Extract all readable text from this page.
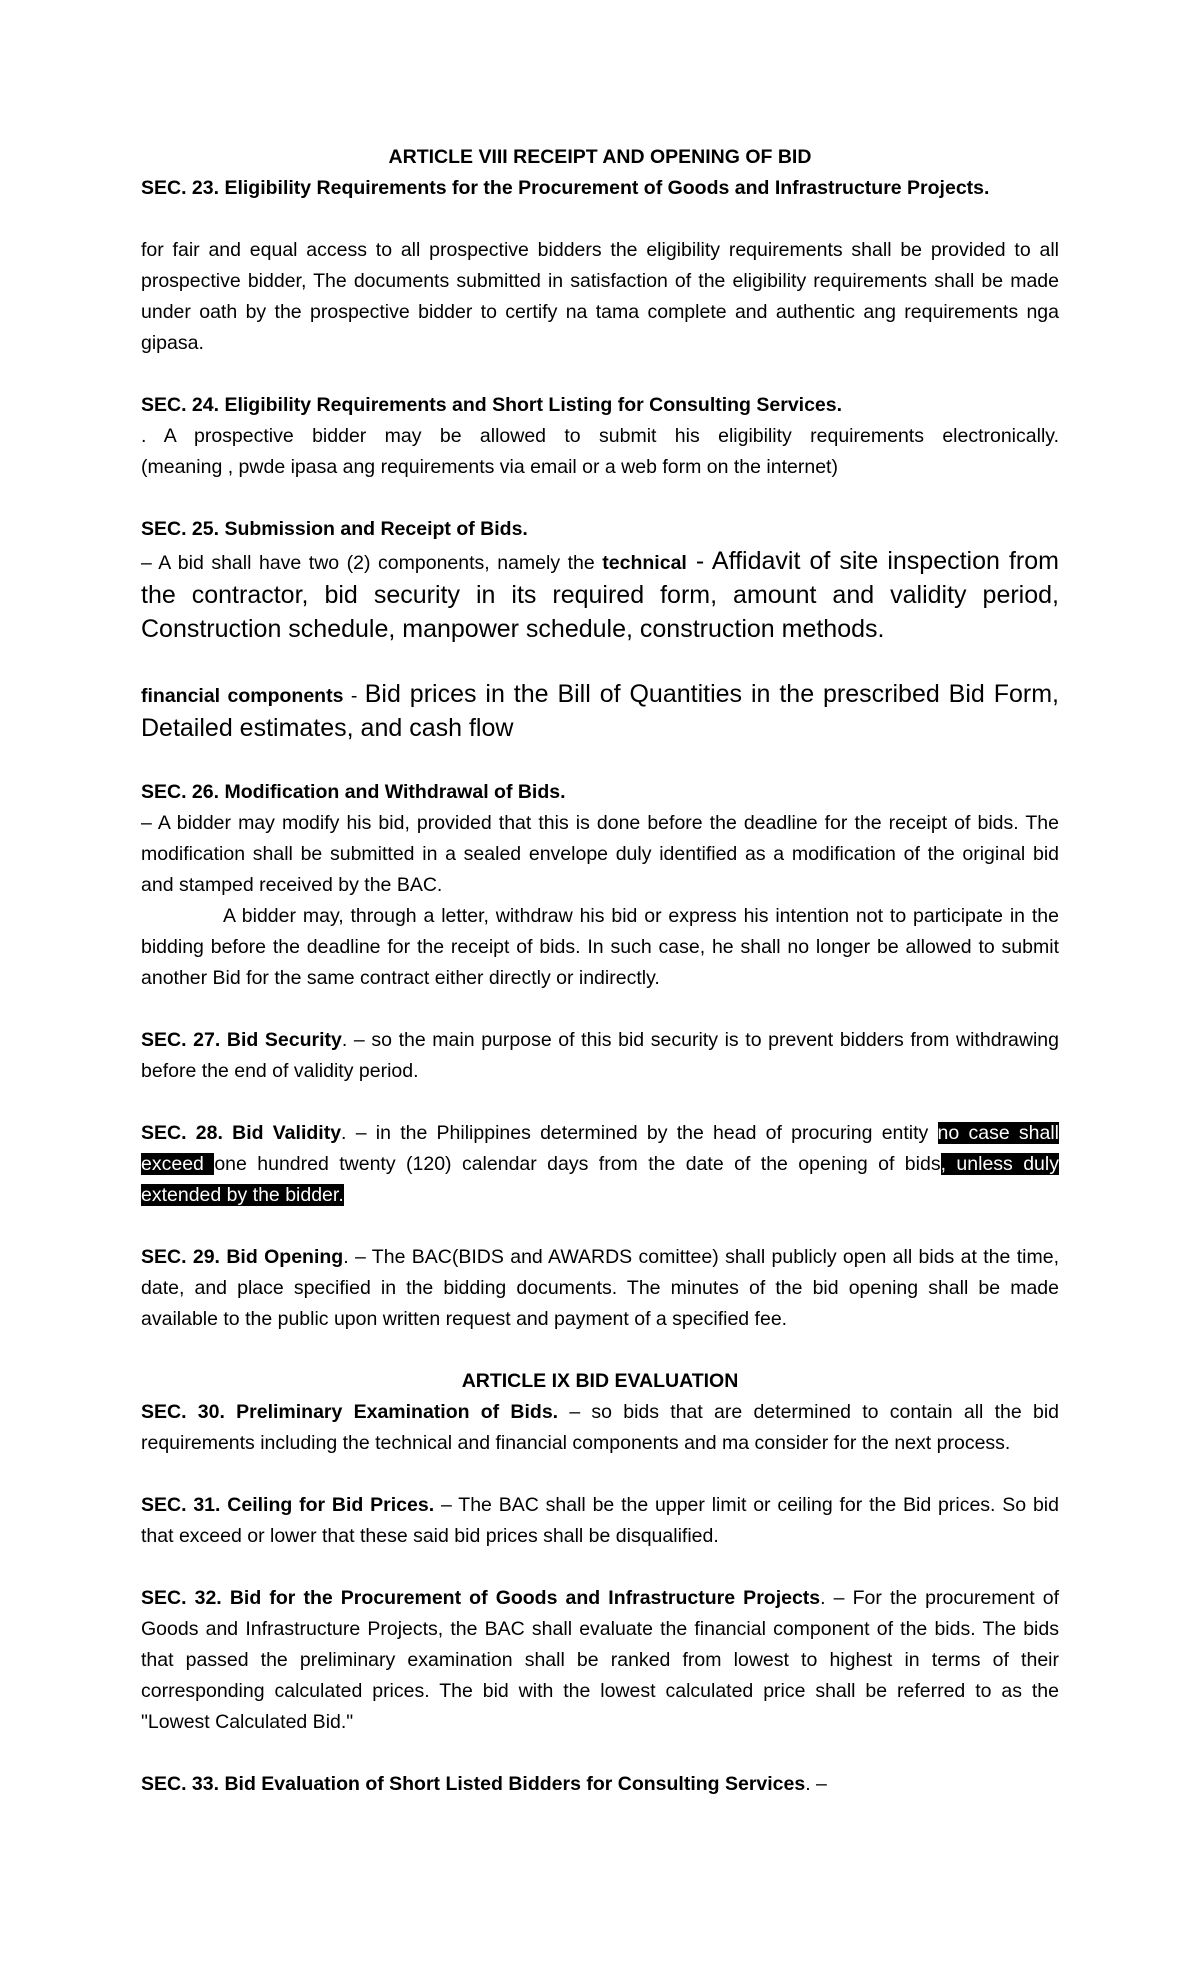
ARTICLE VIII RECEIPT AND OPENING OF BID

SEC. 23. Eligibility Requirements for the Procurement of Goods and Infrastructure Projects.

for fair and equal access to all prospective bidders the eligibility requirements shall be provided to all prospective bidder, The documents submitted in satisfaction of the eligibility requirements shall be made under oath by the prospective bidder to certify na tama complete and authentic ang requirements nga gipasa.

SEC. 24. Eligibility Requirements and Short Listing for Consulting Services.

. A prospective bidder may be allowed to submit his eligibility requirements electronically.

(meaning , pwde ipasa ang requirements via email or a web form on the internet)

SEC. 25. Submission and Receipt of Bids.

– A bid shall have two (2) components, namely the technical - Affidavit of site inspection from the contractor, bid security in its required form, amount and validity period, Construction schedule, manpower schedule, construction methods.

financial components - Bid prices in the Bill of Quantities in the prescribed Bid Form, Detailed estimates, and cash flow

SEC. 26. Modification and Withdrawal of Bids.

– A bidder may modify his bid, provided that this is done before the deadline for the receipt of bids. The modification shall be submitted in a sealed envelope duly identified as a modification of the original bid and stamped received by the BAC.

A bidder may, through a letter, withdraw his bid or express his intention not to participate in the bidding before the deadline for the receipt of bids. In such case, he shall no longer be allowed to submit another Bid for the same contract either directly or indirectly.

SEC. 27. Bid Security. – so the main purpose of this bid security is to prevent bidders from withdrawing before the end of validity period.

SEC. 28. Bid Validity. – in the Philippines determined by the head of procuring entity no case shall exceed one hundred twenty (120) calendar days from the date of the opening of bids, unless duly extended by the bidder.

SEC. 29. Bid Opening. – The BAC(BIDS and AWARDS comittee) shall publicly open all bids at the time, date, and place specified in the bidding documents. The minutes of the bid opening shall be made available to the public upon written request and payment of a specified fee.

ARTICLE IX BID EVALUATION

SEC. 30. Preliminary Examination of Bids. – so bids that are determined to contain all the bid requirements including the technical and financial components and ma consider for the next process.

SEC. 31. Ceiling for Bid Prices. – The BAC shall be the upper limit or ceiling for the Bid prices. So bid that exceed or lower that these said bid prices shall be disqualified.

SEC. 32. Bid for the Procurement of Goods and Infrastructure Projects. – For the procurement of Goods and Infrastructure Projects, the BAC shall evaluate the financial component of the bids. The bids that passed the preliminary examination shall be ranked from lowest to highest in terms of their corresponding calculated prices. The bid with the lowest calculated price shall be referred to as the "Lowest Calculated Bid."

SEC. 33. Bid Evaluation of Short Listed Bidders for Consulting Services. –
